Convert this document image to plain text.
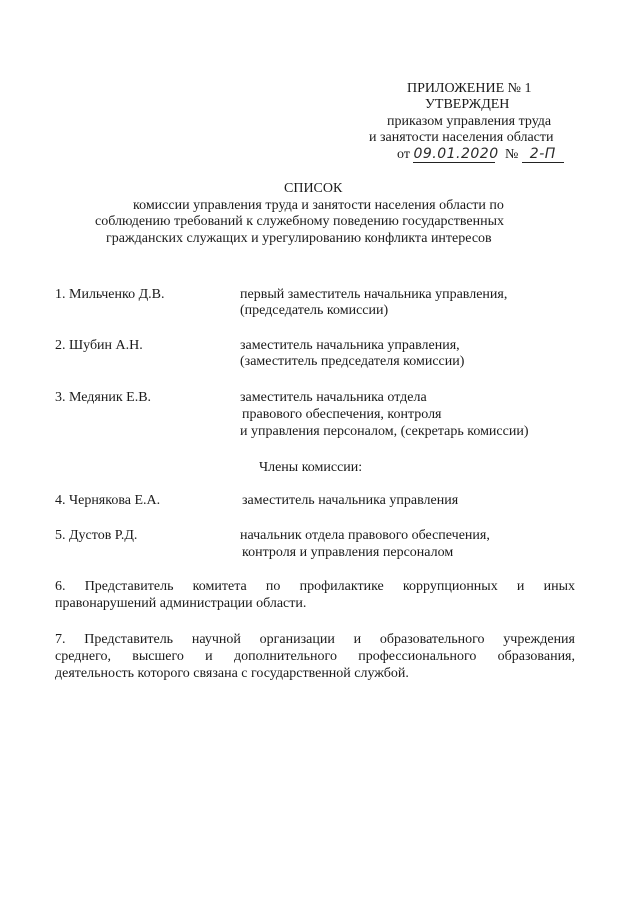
ПРИЛОЖЕНИЕ № 1
УТВЕРЖДЕН
приказом управления труда
и занятости населения области
от 09.01.2020 № 2-П
СПИСОК
комиссии управления труда и занятости населения области по
соблюдению требований к служебному поведению государственных
гражданских служащих и урегулированию конфликта интересов
1. Мильченко Д.В.	первый заместитель начальника управления,
(председатель комиссии)
2. Шубин А.Н.	заместитель начальника управления,
(заместитель председателя комиссии)
3. Медяник Е.В.	заместитель начальника отдела
правового обеспечения, контроля
и управления персоналом, (секретарь комиссии)
Члены комиссии:
4. Чернякова Е.А.	заместитель начальника управления
5. Дустов Р.Д.	начальник отдела правового обеспечения,
контроля и управления персоналом
6. Представитель комитета по профилактике коррупционных и иных
правонарушений администрации области.
7. Представитель научной организации и образовательного учреждения
среднего, высшего и дополнительного профессионального образования,
деятельность которого связана с государственной службой.
